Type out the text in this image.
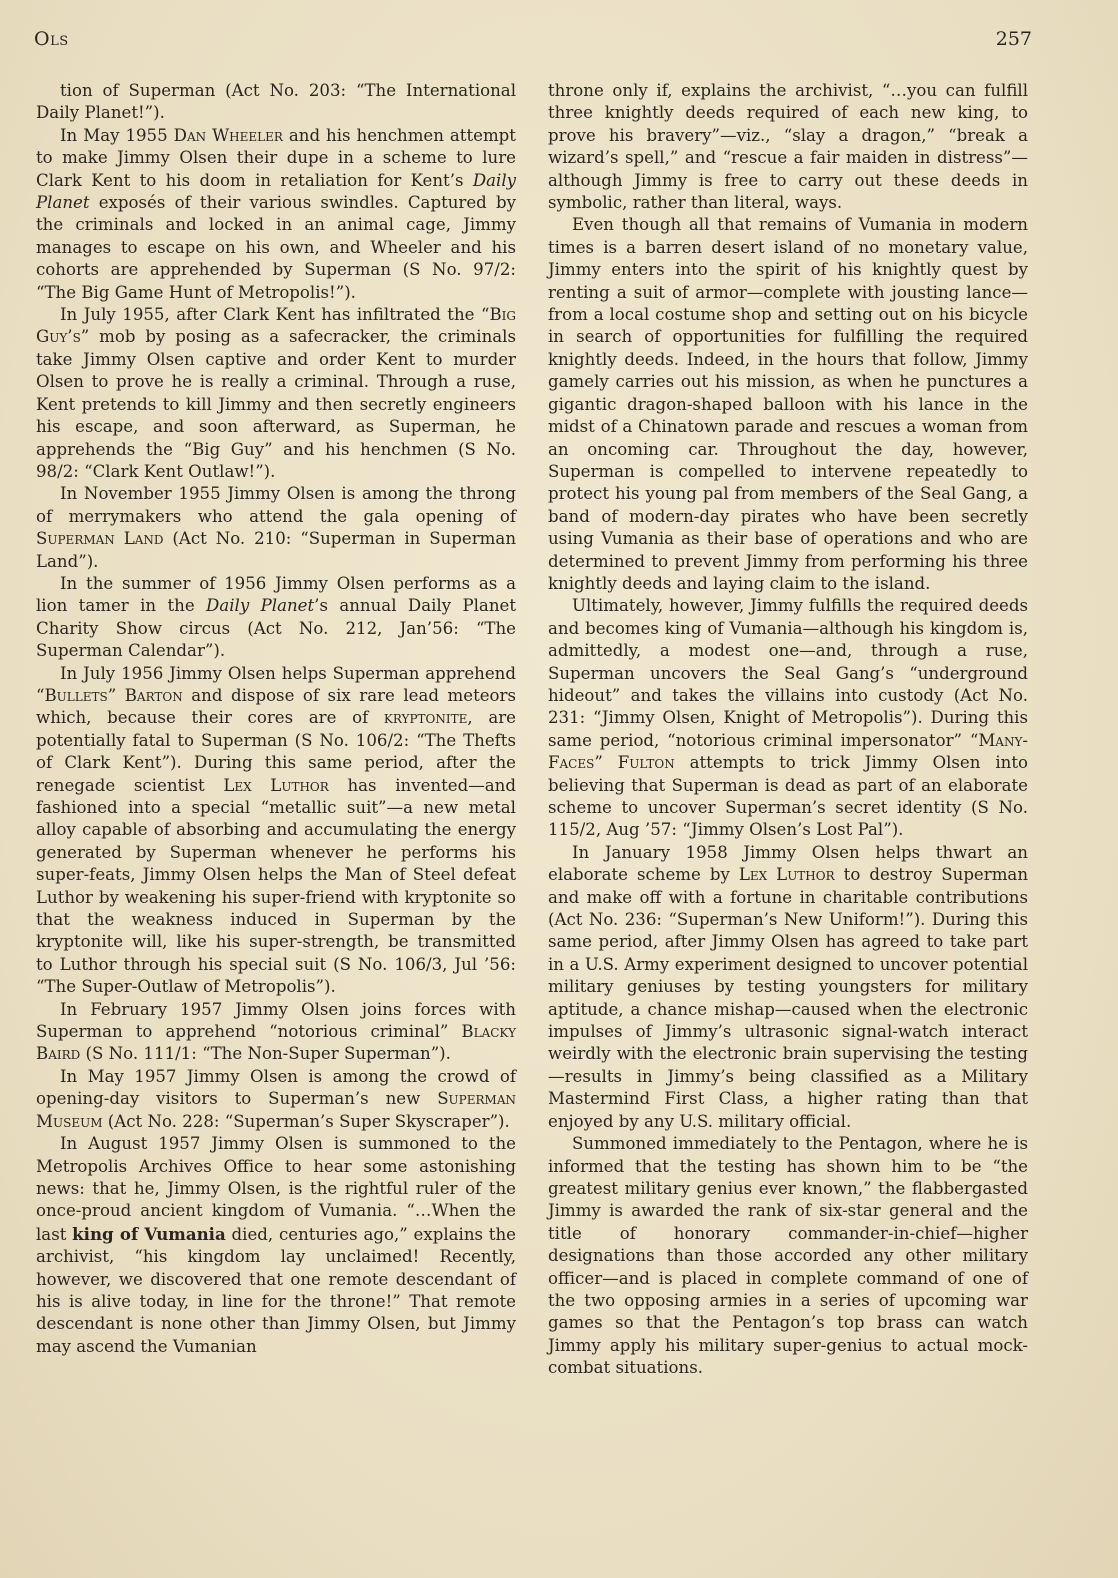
Ols	257

tion of Superman (Act No. 203: “The International Daily Planet!”).

In May 1955 Dan Wheeler and his henchmen attempt to make Jimmy Olsen their dupe in a scheme to lure Clark Kent to his doom in retaliation for Kent’s Daily Planet exposés of their various swindles. Captured by the criminals and locked in an animal cage, Jimmy manages to escape on his own, and Wheeler and his cohorts are apprehended by Superman (S No. 97/2: “The Big Game Hunt of Metropolis!”).

In July 1955, after Clark Kent has infiltrated the “Big Guy’s” mob by posing as a safecracker, the criminals take Jimmy Olsen captive and order Kent to murder Olsen to prove he is really a criminal. Through a ruse, Kent pretends to kill Jimmy and then secretly engineers his escape, and soon afterward, as Superman, he apprehends the “Big Guy” and his henchmen (S No. 98/2: “Clark Kent Outlaw!”).

In November 1955 Jimmy Olsen is among the throng of merrymakers who attend the gala opening of Superman Land (Act No. 210: “Superman in Superman Land”).

In the summer of 1956 Jimmy Olsen performs as a lion tamer in the Daily Planet’s annual Daily Planet Charity Show circus (Act No. 212, Jan’56: “The Superman Calendar”).

In July 1956 Jimmy Olsen helps Superman apprehend “Bullets” Barton and dispose of six rare lead meteors which, because their cores are of kryptonite, are potentially fatal to Superman (S No. 106/2: “The Thefts of Clark Kent”). During this same period, after the renegade scientist Lex Luthor has invented—and fashioned into a special “metallic suit”—a new metal alloy capable of absorbing and accumulating the energy generated by Superman whenever he performs his super-feats, Jimmy Olsen helps the Man of Steel defeat Luthor by weakening his super-friend with kryptonite so that the weakness induced in Superman by the kryptonite will, like his super-strength, be transmitted to Luthor through his special suit (S No. 106/3, Jul ’56: “The Super-Outlaw of Metropolis”).

In February 1957 Jimmy Olsen joins forces with Superman to apprehend “notorious criminal” Blacky Baird (S No. 111/1: “The Non-Super Superman”).

In May 1957 Jimmy Olsen is among the crowd of opening-day visitors to Superman’s new Superman Museum (Act No. 228: “Superman’s Super Skyscraper”).

In August 1957 Jimmy Olsen is summoned to the Metropolis Archives Office to hear some astonishing news: that he, Jimmy Olsen, is the rightful ruler of the once-proud ancient kingdom of Vumania. “…When the last king of Vumania died, centuries ago,” explains the archivist, “his kingdom lay unclaimed! Recently, however, we discovered that one remote descendant of his is alive today, in line for the throne!” That remote descendant is none other than Jimmy Olsen, but Jimmy may ascend the Vumanian

throne only if, explains the archivist, “…you can fulfill three knightly deeds required of each new king, to prove his bravery”—viz., “slay a dragon,” “break a wizard’s spell,” and “rescue a fair maiden in distress”—although Jimmy is free to carry out these deeds in symbolic, rather than literal, ways.

Even though all that remains of Vumania in modern times is a barren desert island of no monetary value, Jimmy enters into the spirit of his knightly quest by renting a suit of armor—complete with jousting lance—from a local costume shop and setting out on his bicycle in search of opportunities for fulfilling the required knightly deeds. Indeed, in the hours that follow, Jimmy gamely carries out his mission, as when he punctures a gigantic dragon-shaped balloon with his lance in the midst of a Chinatown parade and rescues a woman from an oncoming car. Throughout the day, however, Superman is compelled to intervene repeatedly to protect his young pal from members of the Seal Gang, a band of modern-day pirates who have been secretly using Vumania as their base of operations and who are determined to prevent Jimmy from performing his three knightly deeds and laying claim to the island.

Ultimately, however, Jimmy fulfills the required deeds and becomes king of Vumania—although his kingdom is, admittedly, a modest one—and, through a ruse, Superman uncovers the Seal Gang’s “underground hideout” and takes the villains into custody (Act No. 231: “Jimmy Olsen, Knight of Metropolis”). During this same period, “notorious criminal impersonator” “Many-Faces” Fulton attempts to trick Jimmy Olsen into believing that Superman is dead as part of an elaborate scheme to uncover Superman’s secret identity (S No. 115/2, Aug ’57: “Jimmy Olsen’s Lost Pal”).

In January 1958 Jimmy Olsen helps thwart an elaborate scheme by Lex Luthor to destroy Superman and make off with a fortune in charitable contributions (Act No. 236: “Superman’s New Uniform!”). During this same period, after Jimmy Olsen has agreed to take part in a U.S. Army experiment designed to uncover potential military geniuses by testing youngsters for military aptitude, a chance mishap—caused when the electronic impulses of Jimmy’s ultrasonic signal-watch interact weirdly with the electronic brain supervising the testing—results in Jimmy’s being classified as a Military Mastermind First Class, a higher rating than that enjoyed by any U.S. military official.

Summoned immediately to the Pentagon, where he is informed that the testing has shown him to be “the greatest military genius ever known,” the flabbergasted Jimmy is awarded the rank of six-star general and the title of honorary commander-in-chief—higher designations than those accorded any other military officer—and is placed in complete command of one of the two opposing armies in a series of upcoming war games so that the Pentagon’s top brass can watch Jimmy apply his military super-genius to actual mock-combat situations.
